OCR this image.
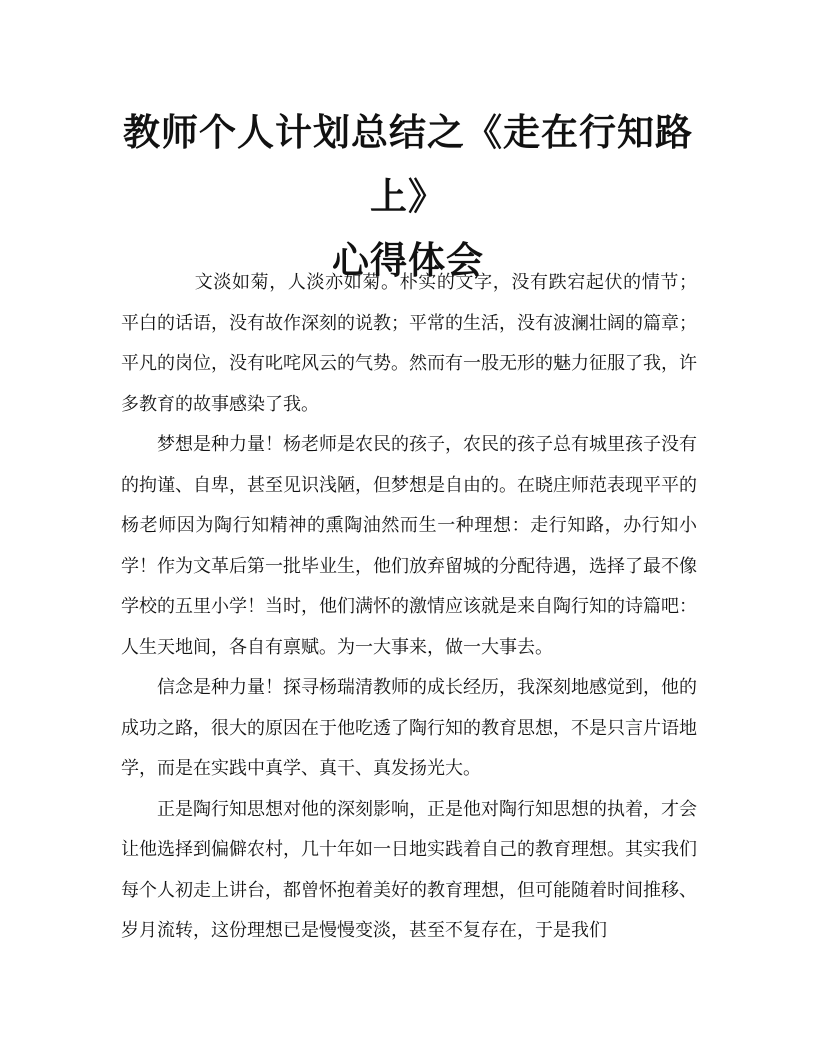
教师个人计划总结之《走在行知路上》
心得体会

文淡如菊，人淡亦如菊。朴实的文字，没有跌宕起伏的情节；平白的话语，没有故作深刻的说教；平常的生活，没有波澜壮阔的篇章；平凡的岗位，没有叱咤风云的气势。然而有一股无形的魅力征服了我，许多教育的故事感染了我。

梦想是种力量！杨老师是农民的孩子，农民的孩子总有城里孩子没有的拘谨、自卑，甚至见识浅陋，但梦想是自由的。在晓庄师范表现平平的杨老师因为陶行知精神的熏陶油然而生一种理想：走行知路，办行知小学！作为文革后第一批毕业生，他们放弃留城的分配待遇，选择了最不像学校的五里小学！当时，他们满怀的激情应该就是来自陶行知的诗篇吧：人生天地间，各自有禀赋。为一大事来，做一大事去。

信念是种力量！探寻杨瑞清教师的成长经历，我深刻地感觉到，他的成功之路，很大的原因在于他吃透了陶行知的教育思想，不是只言片语地学，而是在实践中真学、真干、真发扬光大。

正是陶行知思想对他的深刻影响，正是他对陶行知思想的执着，才会让他选择到偏僻农村，几十年如一日地实践着自己的教育理想。其实我们每个人初走上讲台，都曾怀抱着美好的教育理想，但可能随着时间推移、岁月流转，这份理想已是慢慢变淡，甚至不复存在，于是我们
